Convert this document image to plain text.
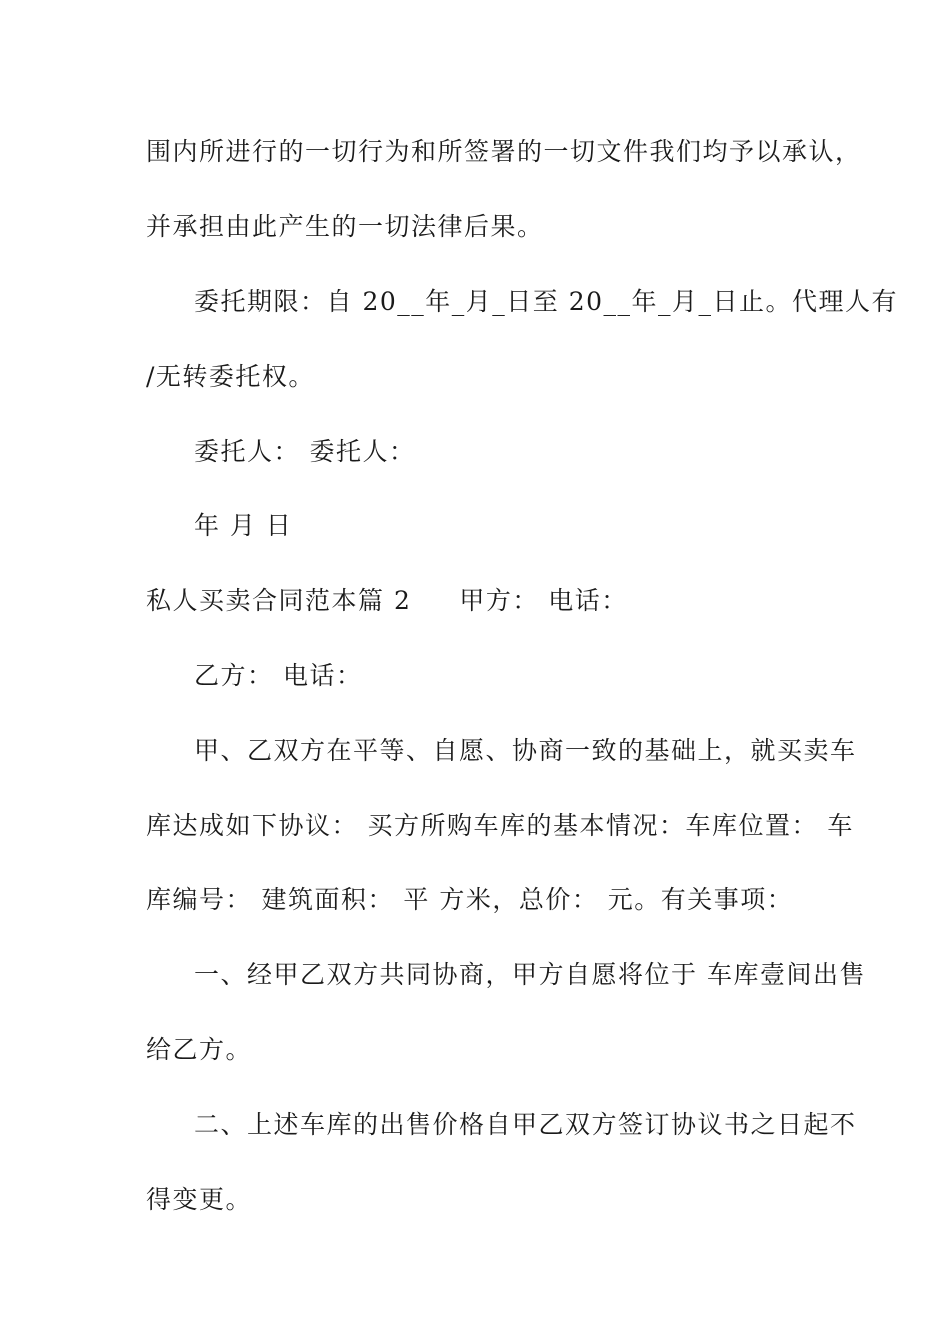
围内所进行的一切行为和所签署的一切文件我们均予以承认，
并承担由此产生的一切法律后果。
委托期限：自 20__年_月_日至 20__年_月_日止。代理人有
/无转委托权。
委托人： 委托人：
年 月 日
私人买卖合同范本篇 2 甲方： 电话：
乙方： 电话：
甲、乙双方在平等、自愿、协商一致的基础上，就买卖车
库达成如下协议： 买方所购车库的基本情况：车库位置： 车
库编号： 建筑面积： 平 方米，总价： 元。有关事项：
一、经甲乙双方共同协商，甲方自愿将位于 车库壹间出售
给乙方。
二、上述车库的出售价格自甲乙双方签订协议书之日起不
得变更。
